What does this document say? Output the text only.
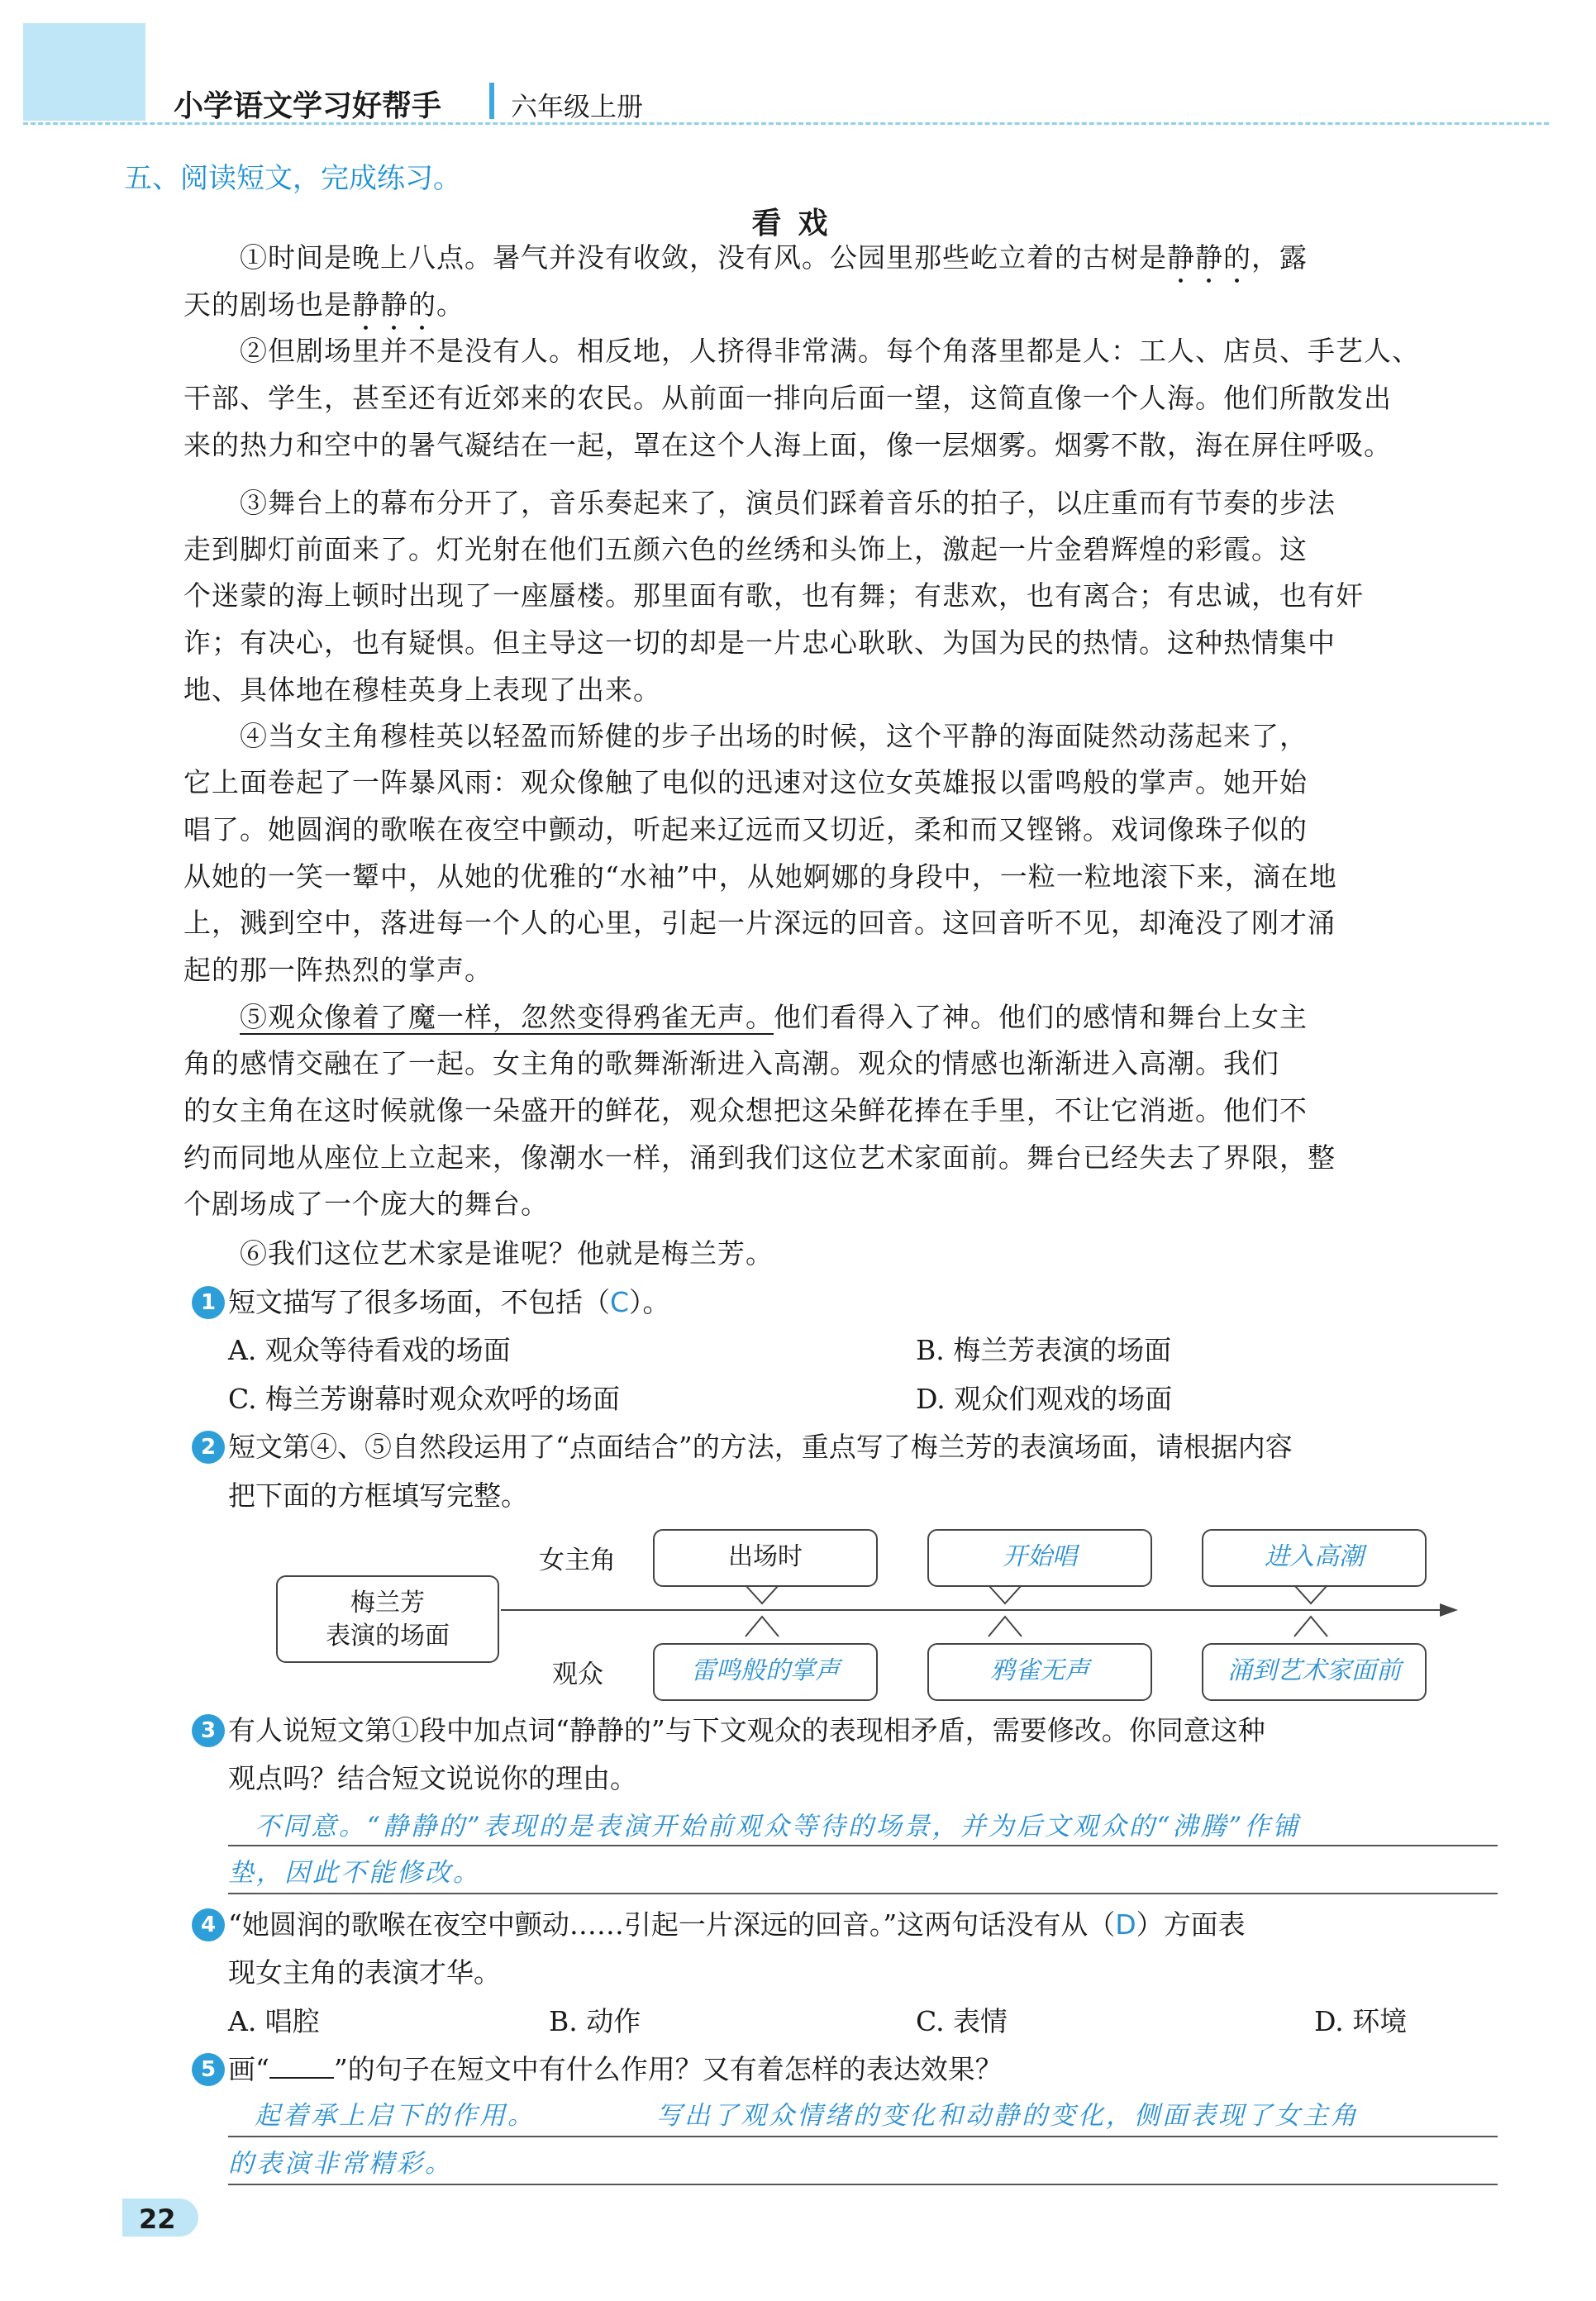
小学语文学习好帮手	六年级上册
五、阅读短文，完成练习。
看戏
①时间是晚上八点。暑气并没有收敛，没有风。公园里那些屹立着的古树是静静的，露
天的剧场也是静静的。
②但剧场里并不是没有人。相反地，人挤得非常满。每个角落里都是人：工人、店员、手艺人、
干部、学生，甚至还有近郊来的农民。从前面一排向后面一望，这简直像一个人海。他们所散发出
来的热力和空中的暑气凝结在一起，罩在这个人海上面，像一层烟雾。烟雾不散，海在屏住呼吸。
③舞台上的幕布分开了，音乐奏起来了，演员们踩着音乐的拍子，以庄重而有节奏的步法
走到脚灯前面来了。灯光射在他们五颜六色的丝绣和头饰上，激起一片金碧辉煌的彩霞。这
个迷蒙的海上顿时出现了一座蜃楼。那里面有歌，也有舞；有悲欢，也有离合；有忠诚，也有奸
诈；有决心，也有疑惧。但主导这一切的却是一片忠心耿耿、为国为民的热情。这种热情集中
地、具体地在穆桂英身上表现了出来。
④当女主角穆桂英以轻盈而矫健的步子出场的时候，这个平静的海面陡然动荡起来了，
它上面卷起了一阵暴风雨：观众像触了电似的迅速对这位女英雄报以雷鸣般的掌声。她开始
唱了。她圆润的歌喉在夜空中颤动，听起来辽远而又切近，柔和而又铿锵。戏词像珠子似的
从她的一笑一颦中，从她的优雅的“水袖”中，从她婀娜的身段中，一粒一粒地滚下来，滴在地
上，溅到空中，落进每一个人的心里，引起一片深远的回音。这回音听不见，却淹没了刚才涌
起的那一阵热烈的掌声。
⑤观众像着了魔一样，忽然变得鸦雀无声。他们看得入了神。他们的感情和舞台上女主
角的感情交融在了一起。女主角的歌舞渐渐进入高潮。观众的情感也渐渐进入高潮。我们
的女主角在这时候就像一朵盛开的鲜花，观众想把这朵鲜花捧在手里，不让它消逝。他们不
约而同地从座位上立起来，像潮水一样，涌到我们这位艺术家面前。舞台已经失去了界限，整
个剧场成了一个庞大的舞台。
⑥我们这位艺术家是谁呢？他就是梅兰芳。
1 短文描写了很多场面，不包括（C）。
A. 观众等待看戏的场面	B. 梅兰芳表演的场面
C. 梅兰芳谢幕时观众欢呼的场面	D. 观众们观戏的场面
2 短文第④、⑤自然段运用了“点面结合”的方法，重点写了梅兰芳的表演场面，请根据内容
把下面的方框填写完整。
梅兰芳
表演的场面
女主角
观众
出场时	开始唱	进入高潮
雷鸣般的掌声	鸦雀无声	涌到艺术家面前
3 有人说短文第①段中加点词“静静的”与下文观众的表现相矛盾，需要修改。你同意这种
观点吗？结合短文说说你的理由。
不同意。“静静的”表现的是表演开始前观众等待的场景，并为后文观众的“沸腾”作铺
垫，因此不能修改。
4 “她圆润的歌喉在夜空中颤动……引起一片深远的回音。”这两句话没有从（D）方面表
现女主角的表演才华。
A. 唱腔	B. 动作	C. 表情	D. 环境
5 画“ ”的句子在短文中有什么作用？又有着怎样的表达效果？
起着承上启下的作用。	写出了观众情绪的变化和动静的变化，侧面表现了女主角
的表演非常精彩。
22
